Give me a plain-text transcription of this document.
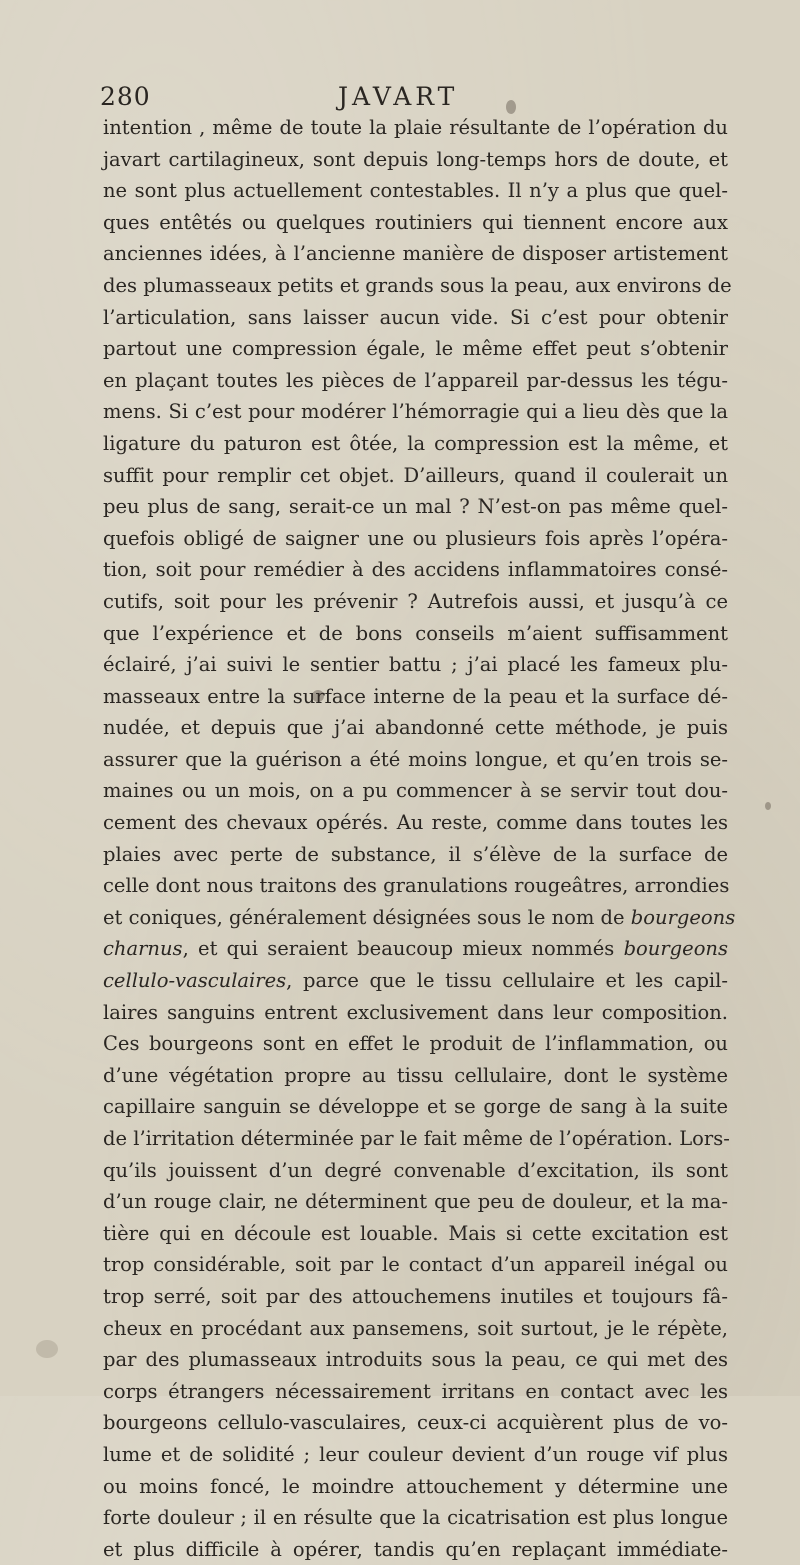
280	JAVART
intention , même de toute la plaie résultante de l’opération du
javart cartilagineux, sont depuis long-temps hors de doute, et
ne sont plus actuellement contestables. Il n’y a plus que quel-
ques entêtés ou quelques routiniers qui tiennent encore aux
anciennes idées, à l’ancienne manière de disposer artistement
des plumasseaux petits et grands sous la peau, aux environs de
l’articulation, sans laisser aucun vide. Si c’est pour obtenir
partout une compression égale, le même effet peut s’obtenir
en plaçant toutes les pièces de l’appareil par-dessus les tégu-
mens. Si c’est pour modérer l’hémorragie qui a lieu dès que la
ligature du paturon est ôtée, la compression est la même, et
suffit pour remplir cet objet. D’ailleurs, quand il coulerait un
peu plus de sang, serait-ce un mal ? N’est-on pas même quel-
quefois obligé de saigner une ou plusieurs fois après l’opéra-
tion, soit pour remédier à des accidens inflammatoires consé-
cutifs, soit pour les prévenir ? Autrefois aussi, et jusqu’à ce
que l’expérience et de bons conseils m’aient suffisamment
éclairé, j’ai suivi le sentier battu ; j’ai placé les fameux plu-
masseaux entre la surface interne de la peau et la surface dé-
nudée, et depuis que j’ai abandonné cette méthode, je puis
assurer que la guérison a été moins longue, et qu’en trois se-
maines ou un mois, on a pu commencer à se servir tout dou-
cement des chevaux opérés. Au reste, comme dans toutes les
plaies avec perte de substance, il s’élève de la surface de
celle dont nous traitons des granulations rougeâtres, arrondies
et coniques, généralement désignées sous le nom de bourgeons
charnus, et qui seraient beaucoup mieux nommés bourgeons
cellulo-vasculaires, parce que le tissu cellulaire et les capil-
laires sanguins entrent exclusivement dans leur composition.
Ces bourgeons sont en effet le produit de l’inflammation, ou
d’une végétation propre au tissu cellulaire, dont le système
capillaire sanguin se développe et se gorge de sang à la suite
de l’irritation déterminée par le fait même de l’opération. Lors-
qu’ils jouissent d’un degré convenable d’excitation, ils sont
d’un rouge clair, ne déterminent que peu de douleur, et la ma-
tière qui en découle est louable. Mais si cette excitation est
trop considérable, soit par le contact d’un appareil inégal ou
trop serré, soit par des attouchemens inutiles et toujours fâ-
cheux en procédant aux pansemens, soit surtout, je le répète,
par des plumasseaux introduits sous la peau, ce qui met des
corps étrangers nécessairement irritans en contact avec les
bourgeons cellulo-vasculaires, ceux-ci acquièrent plus de vo-
lume et de solidité ; leur couleur devient d’un rouge vif plus
ou moins foncé, le moindre attouchement y détermine une
forte douleur ; il en résulte que la cicatrisation est plus longue
et plus difficile à opérer, tandis qu’en replaçant immédiate-
